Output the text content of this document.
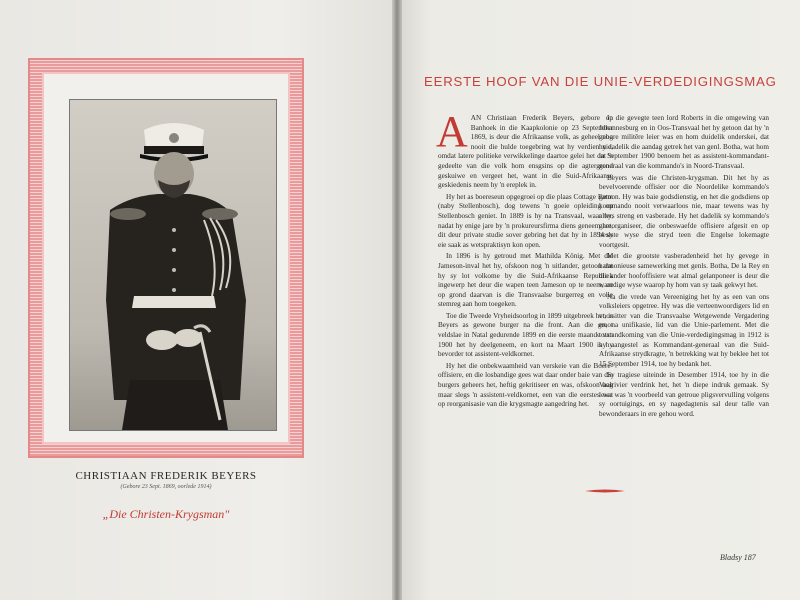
CHRISTIAAN FREDERIK BEYERS
(Gebore 23 Sept. 1869, oorlede 1914)
„Die Christen-Krygsman"
EERSTE HOOF VAN DIE UNIE-VERDEDIGINGSMAG

AAN Christiaan Frederik Beyers, gebore op Banhoek in die Kaapkolonie op 23 September 1869, is deur die Afrikaanse volk, as geheel nog nooit die hulde toegebring wat hy verdien nie, omdat latere politieke verwikkelinge daartoe gelei het dat 'n gedeelte van die volk hom ensgsins op die agtergrond geskuiwe en vergeet het, want in die Suid-Afrikaanse geskiedenis neem hy 'n ereplek in.

Hy het as boereseun opgegroei op die plaas Cottage Farm (naby Stellenbosch), dog tewens 'n goeie opleiding op Stellenbosch geniet. In 1889 is hy na Transvaal, waar hy, nadat hy enige jare by 'n prokureursfirma diens geneem het, dit deur private studie sover gebring het dat hy in 1894 sy eie saak as wetspraktisyn kon open.

In 1896 is hy getroud met Mathilda König. Met die Jameson-inval het hy, ofskoon nog 'n uitlander, getoon dat hy sy lot volkome by die Suid-Afrikaanse Republiek ingewerp het deur die wapen teen Jameson op te neem, en op grond daarvan is die Transvaalse burgerreg en volle stemreg aan hom toegeken.

Toe die Tweede Vryheidsoorlog in 1899 uitgebreek het, is Beyers as gewone burger na die front. Aan die groot veldslae in Natal gedurende 1899 en die eerste maande van 1900 het hy deelgeneem, en kort na Maart 1900 is hy bevorder tot assistent-veldkornet.

Hy het die onbekwaamheid van verskeie van die Boere-offisiere, en die losbandige gees wat daar onder baie van die burgers geheers het, heftig gekritiseer en was, ofskoon nog maar slegs 'n assistent-veldkornet, een van die eerstes wat op reorganisasie van die krygsmagte aangedring het.

In die gevegte teen lord Roberts in die omgewing van Johannesburg en in Oos-Transvaal het hy getoon dat hy 'n gebore militêre leier was en hom duidelik onderskei, dat hy dadelik die aandag getrek het van genl. Botha, wat hom in September 1900 benoem het as assistent-kommandant-generaal van die kommando's in Noord-Transvaal.

Beyers was die Christen-krygsman. Dit het hy as bevelvoerende offisier oor die Noordelike kommando's getoon. Hy was baie godsdienstig, en het die godsdiens op kommando nooit verwaarloos nie, maar tewens was hy alters streng en vasberade. Hy het dadelik sy kommando's gereorganiseer, die onbeswaefde offisiere afgesit en op beslste wyse die stryd teen die Engelse lokemagte voortgesit.

Met die grootste vasberadenheid het hy gevege in harmonieuse samewerking met genls. Botha, De la Rey en die ander hoofoffisiere wat almal gelanponeer is deur die waardige wyse waarop hy hom van sy taak gekwyt het.

Na die vrede van Vereeniging het hy as een van ons volksleiers opgetree. Hy was die verteenwoordigers lid en voorsitter van die Transvaalse Wetgewende Vergadering en, na unifikasie, lid van die Unie-parlement. Met die totstandkoming van die Unie-verdedigingsmag in 1912 is hy aangestel as Kommandant-generaal van die Suid-Afrikaanse strydkragte, 'n betrekking wat hy beklee het tot 15 September 1914, toe hy bedank het.

Sy tragiese uiteinde in Desember 1914, toe hy in die Vaalrivier verdrink het, het 'n diepe indruk gemaak. Sy lewe was 'n voorbeeld van getroue pligsvervulling volgens sy oortuigings, en sy nagedagtenis sal deur talle van bewonderaars in ere gehou word.

Bladsy 187
